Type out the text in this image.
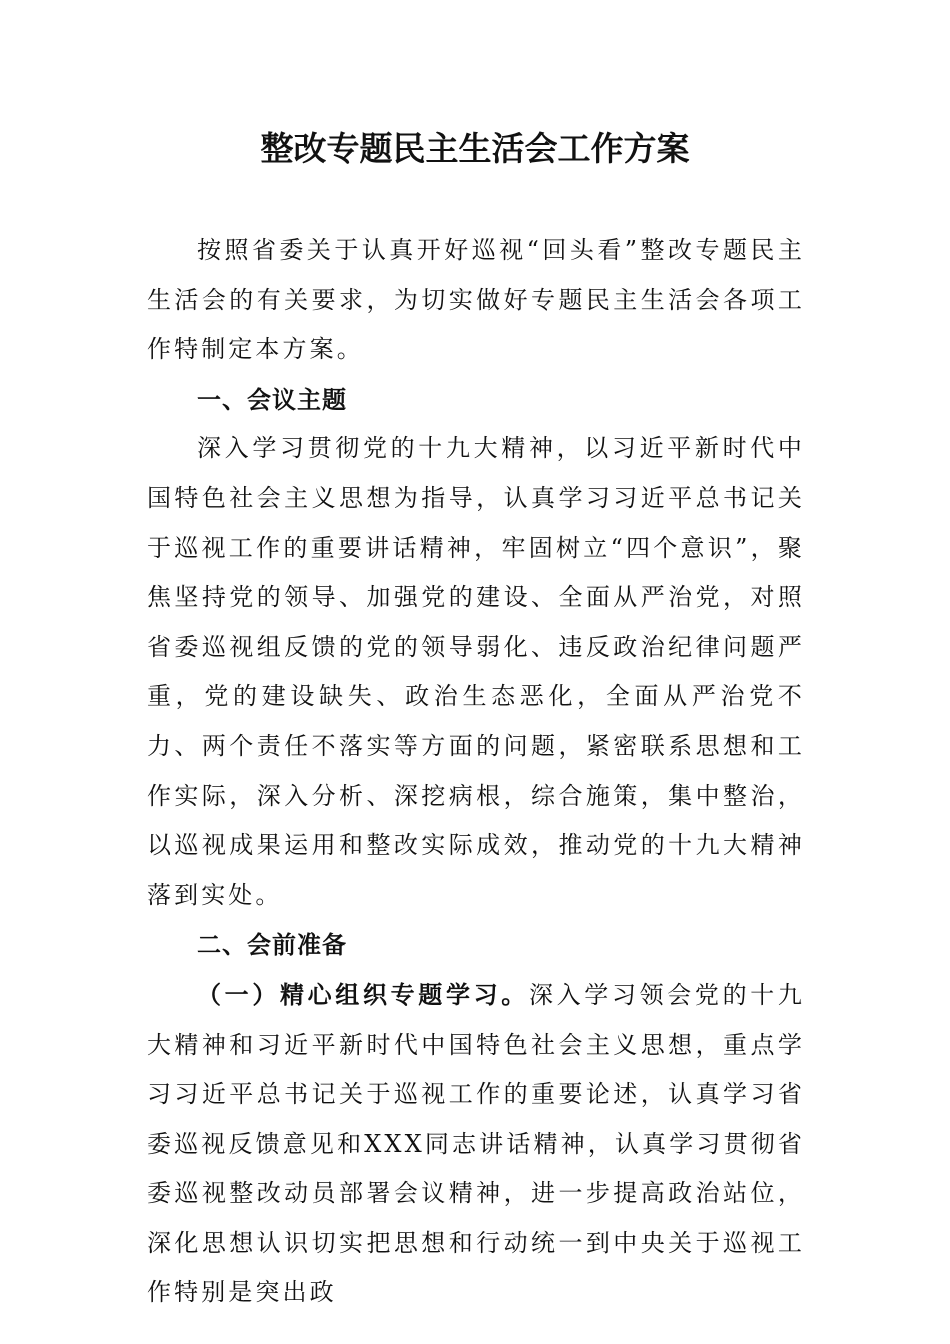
整改专题民主生活会工作方案

按照省委关于认真开好巡视“回头看”整改专题民主生活会的有关要求，为切实做好专题民主生活会各项工作特制定本方案。

一、会议主题

深入学习贯彻党的十九大精神，以习近平新时代中国特色社会主义思想为指导，认真学习习近平总书记关于巡视工作的重要讲话精神，牢固树立“四个意识”，聚焦坚持党的领导、加强党的建设、全面从严治党，对照省委巡视组反馈的党的领导弱化、违反政治纪律问题严重，党的建设缺失、政治生态恶化，全面从严治党不力、两个责任不落实等方面的问题，紧密联系思想和工作实际，深入分析、深挖病根，综合施策，集中整治，以巡视成果运用和整改实际成效，推动党的十九大精神落到实处。

二、会前准备

（一）精心组织专题学习。深入学习领会党的十九大精神和习近平新时代中国特色社会主义思想，重点学习习近平总书记关于巡视工作的重要论述，认真学习省委巡视反馈意见和XXX同志讲话精神，认真学习贯彻省委巡视整改动员部署会议精神，进一步提高政治站位，深化思想认识切实把思想和行动统一到中央关于巡视工作特别是突出政
